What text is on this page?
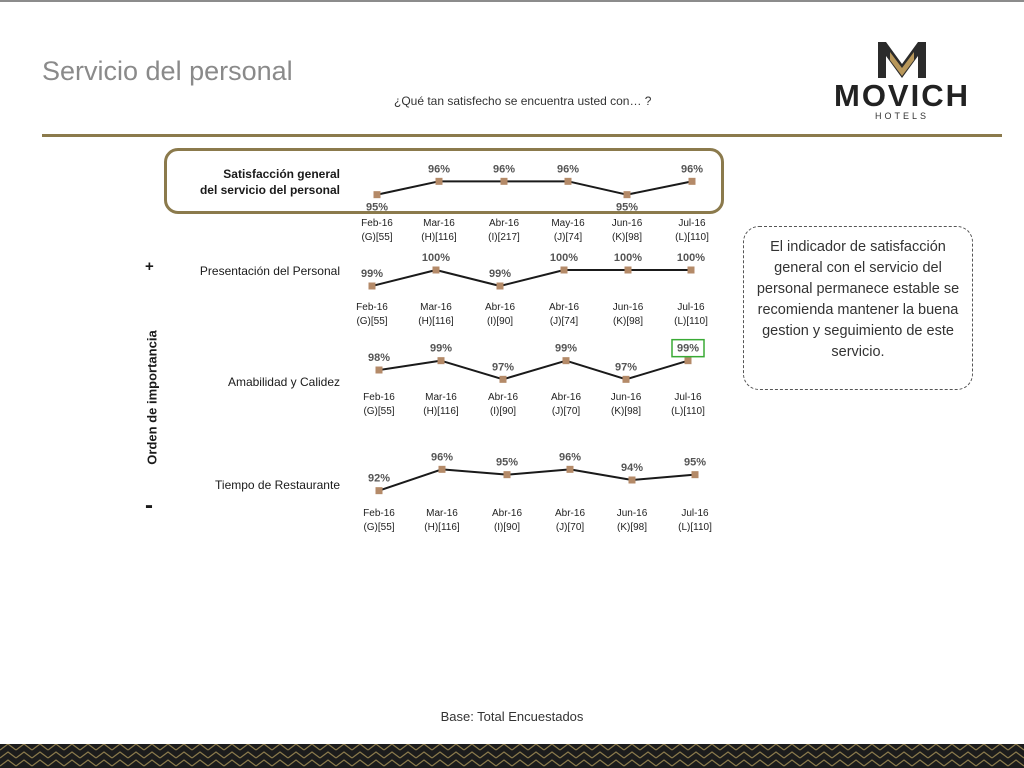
Servicio del personal
¿Qué tan satisfecho se encuentra usted con… ?	MOVICH
HOTELS
Satisfacción general
del servicio del personal
Presentación del Personal
Amabilidad y Calidez
Tiempo de Restaurante
+
-
Orden de importancia
95%
Feb-16
(G)[55]
96%
Mar-16
(H)[116]
96%
Abr-16
(I)[217]
96%
May-16
(J)[74]
95%
Jun-16
(K)[98]
96%
Jul-16
(L)[110]
99%
Feb-16
(G)[55]
100%
Mar-16
(H)[116]
99%
Abr-16
(I)[90]
100%
Abr-16
(J)[74]
100%
Jun-16
(K)[98]
100%
Jul-16
(L)[110]
98%
Feb-16
(G)[55]
99%
Mar-16
(H)[116]
97%
Abr-16
(I)[90]
99%
Abr-16
(J)[70]
97%
Jun-16
(K)[98]
99%
Jul-16
(L)[110]
92%
Feb-16
(G)[55]
96%
Mar-16
(H)[116]
95%
Abr-16
(I)[90]
96%
Abr-16
(J)[70]
94%
Jun-16
(K)[98]
95%
Jul-16
(L)[110]
El indicador de satisfacción general con el servicio del personal permanece estable se recomienda mantener la buena gestion y seguimiento de este servicio.
Base: Total Encuestados
